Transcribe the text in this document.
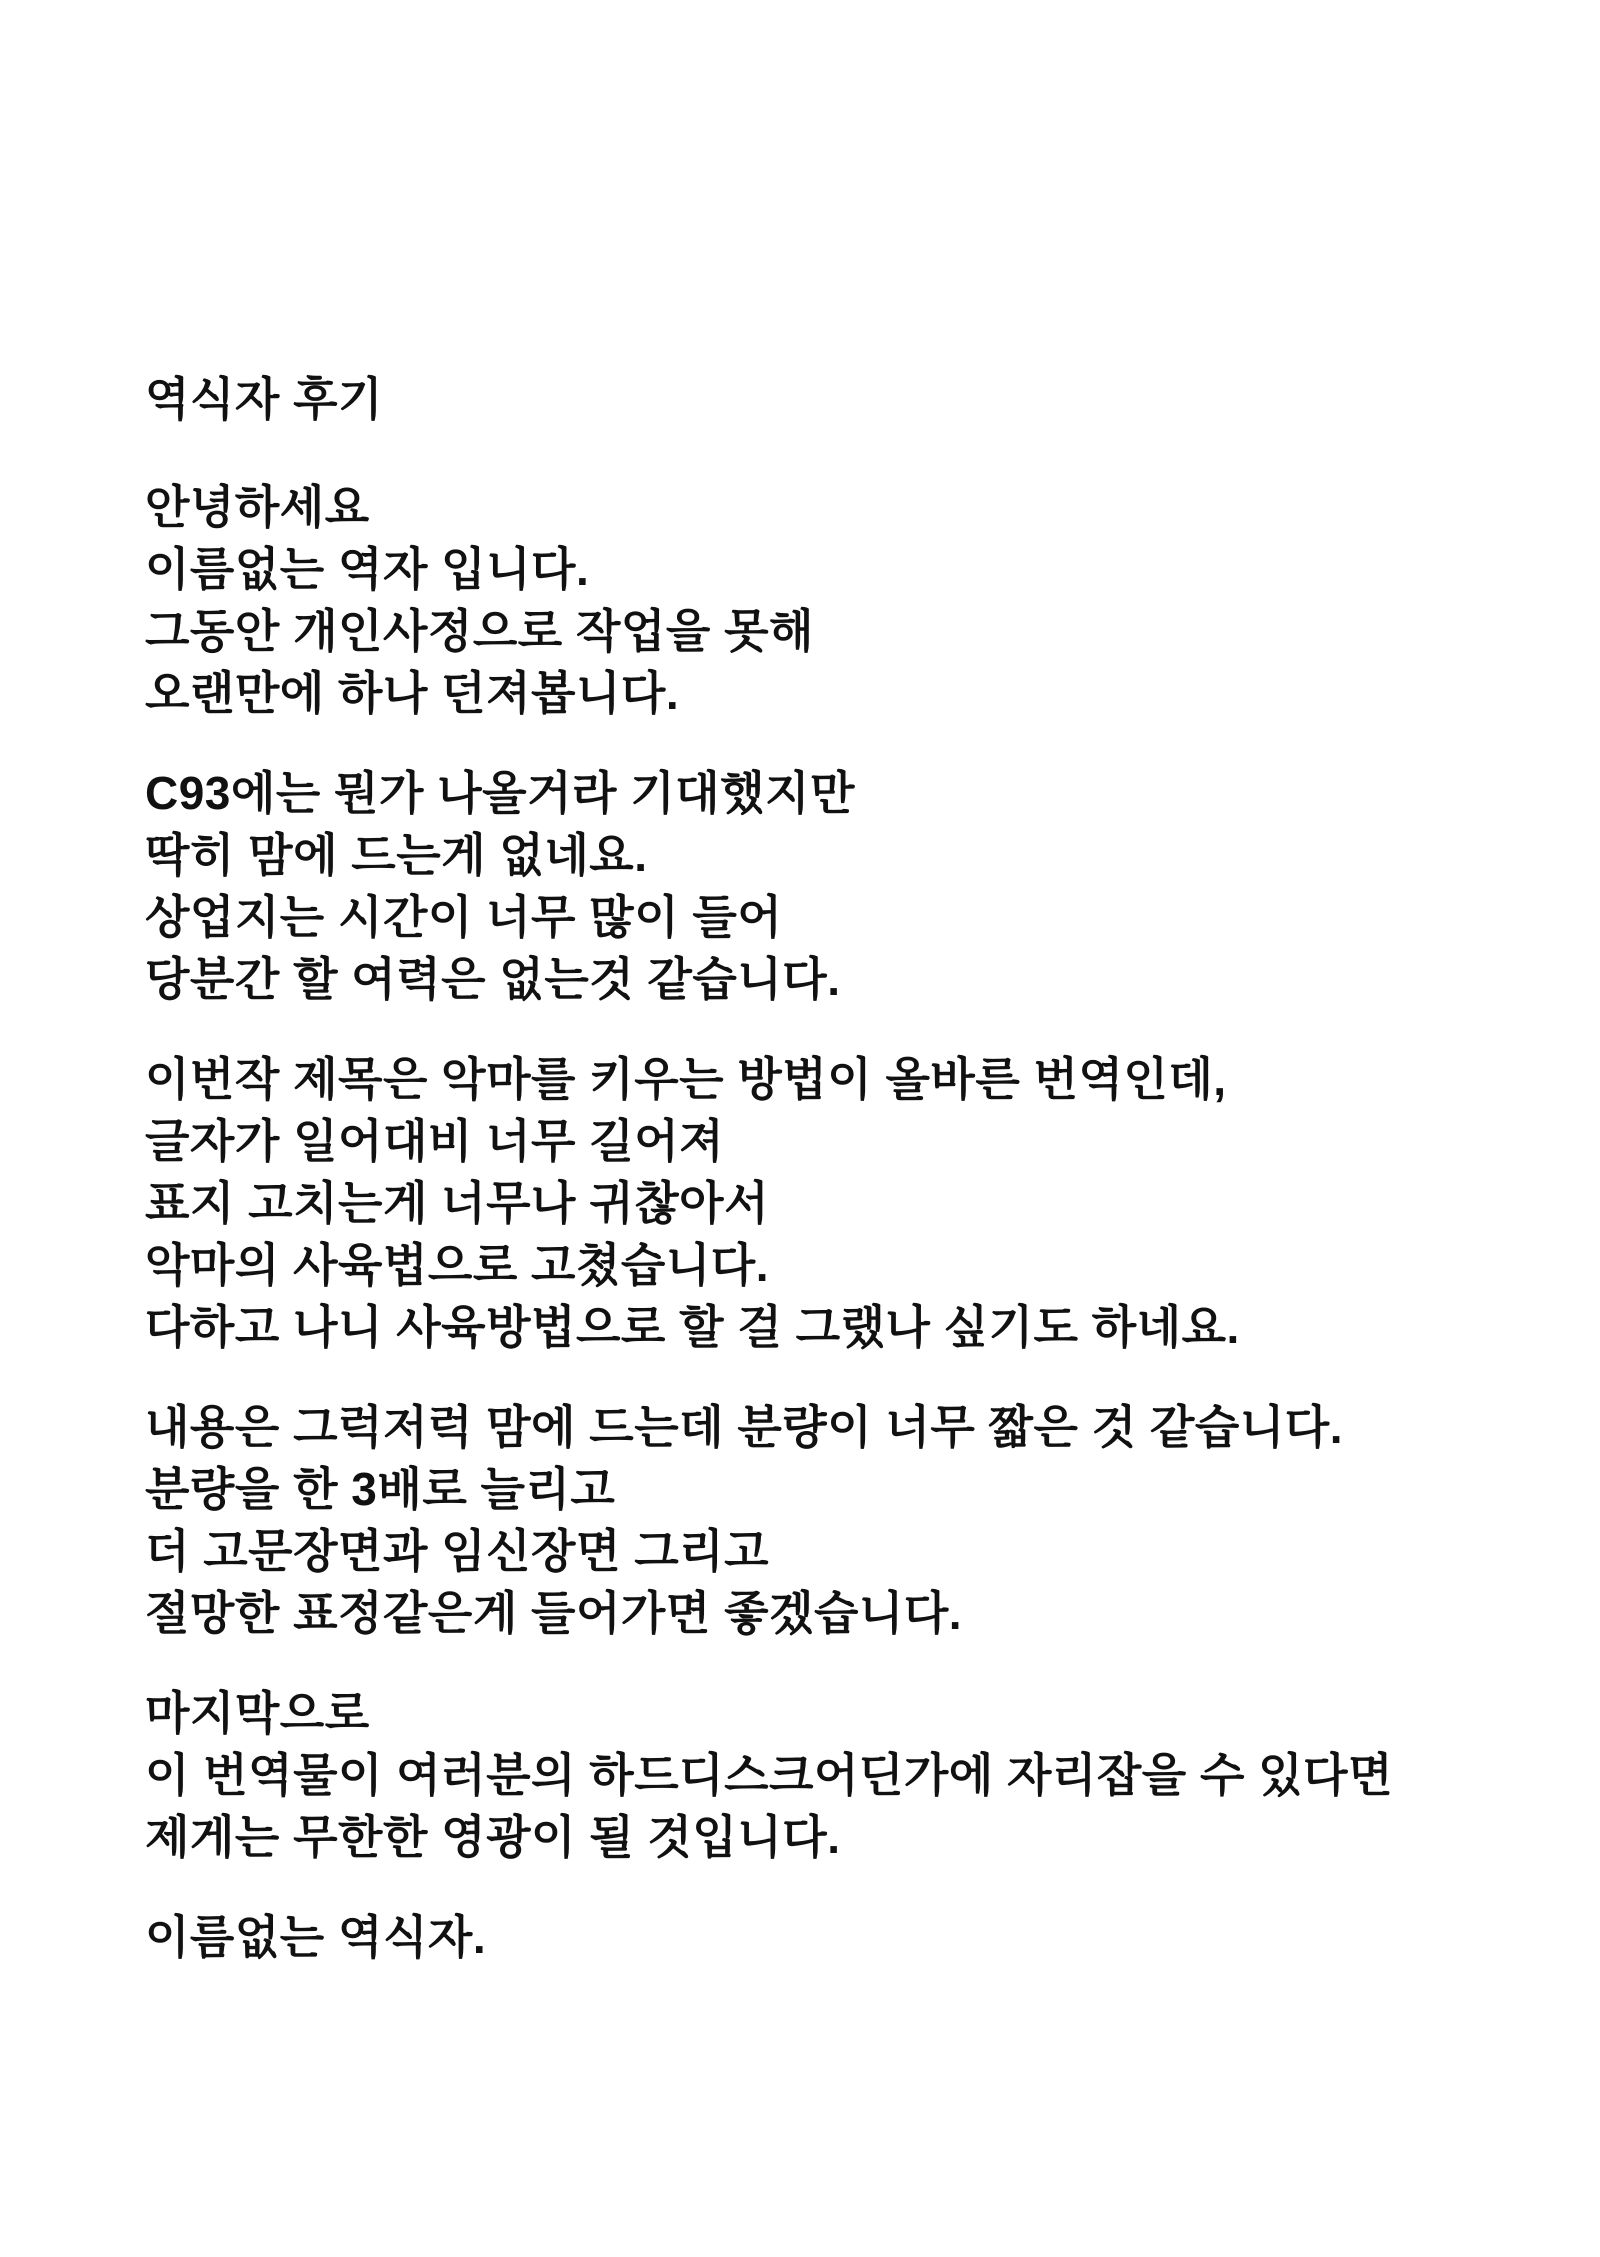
역식자 후기
안녕하세요
이름없는 역자 입니다.
그동안 개인사정으로 작업을 못해
오랜만에 하나 던져봅니다.
C93에는 뭔가 나올거라 기대했지만
딱히 맘에 드는게 없네요.
상업지는 시간이 너무 많이 들어
당분간 할 여력은 없는것 같습니다.
이번작 제목은 악마를 키우는 방법이 올바른 번역인데,
글자가 일어대비 너무 길어져
표지 고치는게 너무나 귀찮아서
악마의 사육법으로 고쳤습니다.
다하고 나니 사육방법으로 할 걸 그랬나 싶기도 하네요.
내용은 그럭저럭 맘에 드는데 분량이 너무 짧은 것 같습니다.
분량을 한 3배로 늘리고
더 고문장면과 임신장면 그리고
절망한 표정같은게 들어가면 좋겠습니다.
마지막으로
이 번역물이 여러분의 하드디스크어딘가에 자리잡을 수 있다면
제게는 무한한 영광이 될 것입니다.
이름없는 역식자.
